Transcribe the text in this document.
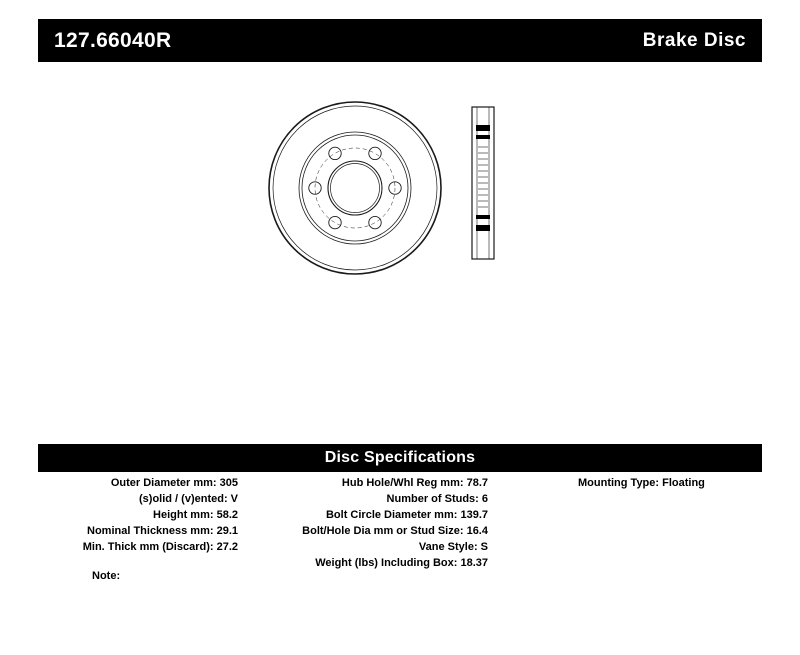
127.66040R	Brake Disc
Disc Specifications
Outer Diameter mm: 305
(s)olid / (v)ented: V
Height mm: 58.2
Nominal Thickness mm: 29.1
Min. Thick mm (Discard): 27.2
Hub Hole/Whl Reg mm: 78.7
Number of Studs: 6
Bolt Circle Diameter mm: 139.7
Bolt/Hole Dia mm or Stud Size: 16.4
Vane Style: S
Weight (lbs) Including Box: 18.37
Mounting Type: Floating
Note:
